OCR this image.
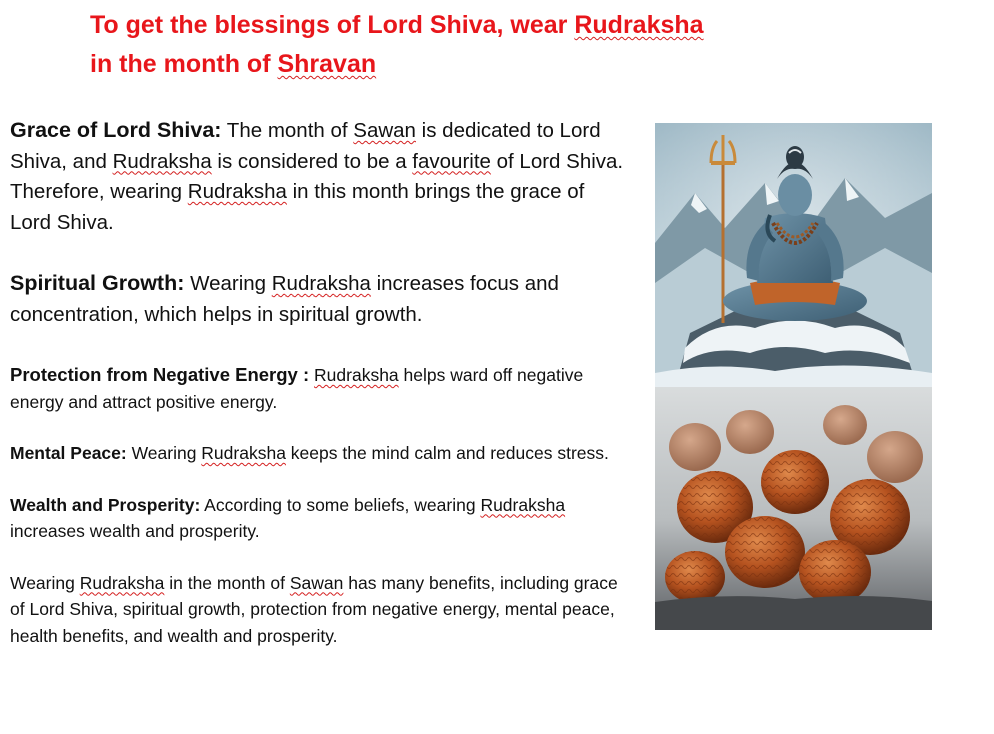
To get the blessings of Lord Shiva, wear Rudraksha
in the month of Shravan

Grace of Lord Shiva: The month of Sawan is dedicated to Lord Shiva, and Rudraksha is considered to be a favourite of Lord Shiva. Therefore, wearing Rudraksha in this month brings the grace of Lord Shiva.

Spiritual Growth: Wearing Rudraksha increases focus and concentration, which helps in spiritual growth.

Protection from Negative Energy : Rudraksha helps ward off negative energy and attract positive energy.

Mental Peace: Wearing Rudraksha keeps the mind calm and reduces stress.

Wealth and Prosperity: According to some beliefs, wearing Rudraksha increases wealth and prosperity.

Wearing Rudraksha in the month of Sawan has many benefits, including grace of Lord Shiva, spiritual growth, protection from negative energy, mental peace, health benefits, and wealth and prosperity.
